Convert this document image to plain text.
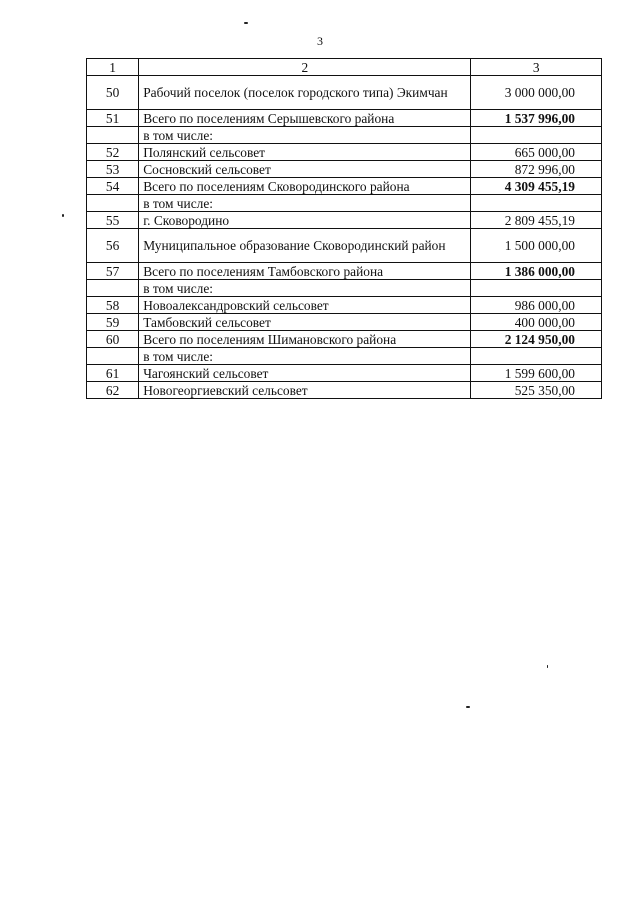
3
1	2	3
50	Рабочий поселок (поселок городского типа) Экимчан	3 000 000,00
51	Всего по поселениям Серышевского района	1 537 996,00
	в том числе:	
52	Полянский сельсовет	665 000,00
53	Сосновский сельсовет	872 996,00
54	Всего по поселениям Сковородинского района	4 309 455,19
	в том числе:	
55	г. Сковородино	2 809 455,19
56	Муниципальное образование Сковородинский район	1 500 000,00
57	Всего по поселениям Тамбовского района	1 386 000,00
	в том числе:	
58	Новоалександровский сельсовет	986 000,00
59	Тамбовский сельсовет	400 000,00
60	Всего по поселениям Шимановского района	2 124 950,00
	в том числе:	
61	Чагоянский сельсовет	1 599 600,00
62	Новогеоргиевский сельсовет	525 350,00
